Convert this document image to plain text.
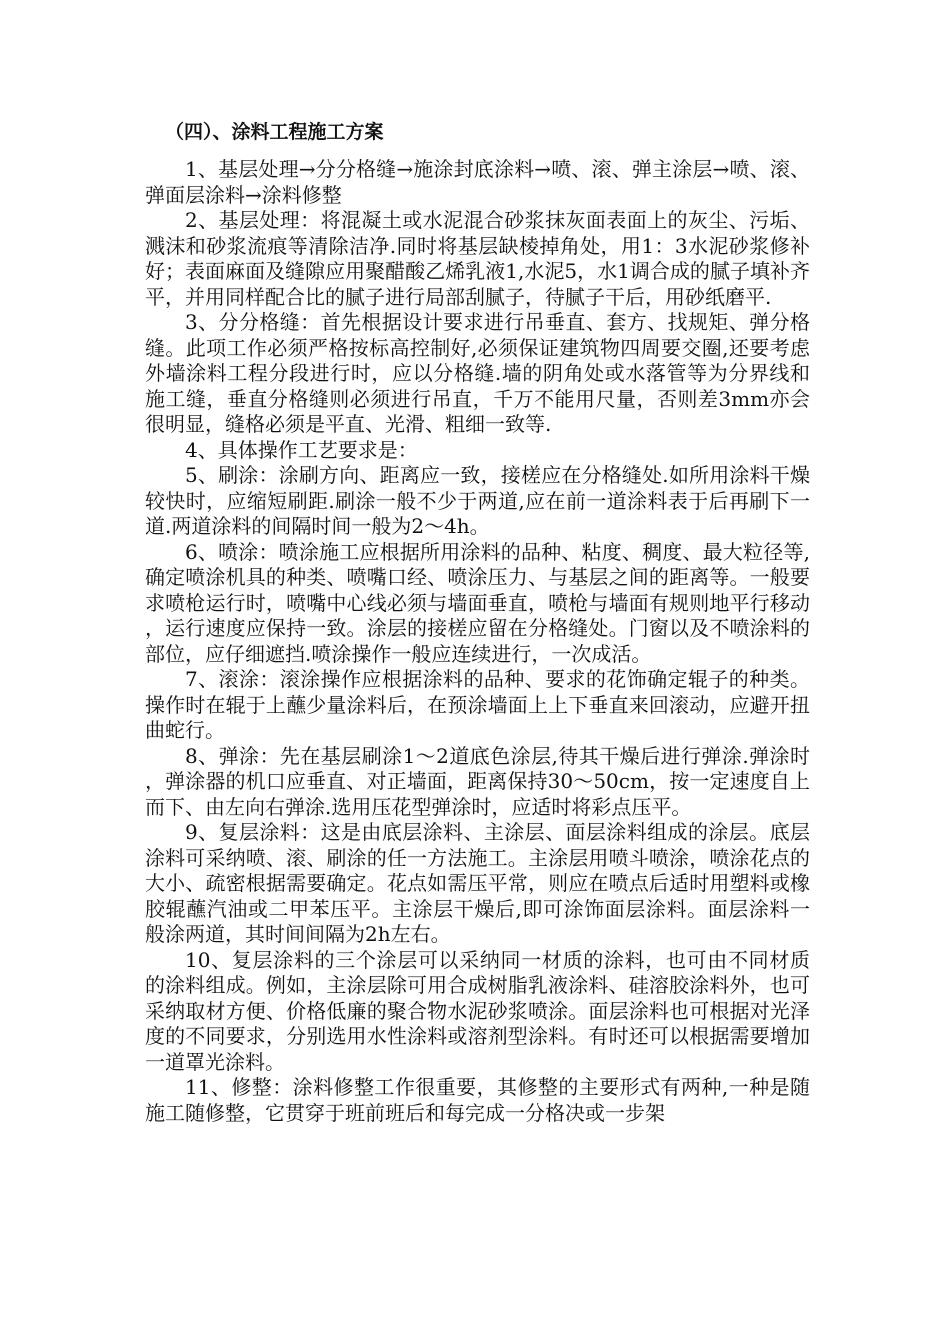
（四）、涂料工程施工方案

1、基层处理→分分格缝→施涂封底涂料→喷、滚、弹主涂层→喷、滚、弹面层涂料→涂料修整

2、基层处理：将混凝土或水泥混合砂浆抹灰面表面上的灰尘、污垢、溅沫和砂浆流痕等清除洁净.同时将基层缺棱掉角处，用1：3水泥砂浆修补好；表面麻面及缝隙应用聚醋酸乙烯乳液1,水泥5，水1调合成的腻子填补齐平，并用同样配合比的腻子进行局部刮腻子，待腻子干后，用砂纸磨平.

3、分分格缝：首先根据设计要求进行吊垂直、套方、找规矩、弹分格缝。此项工作必须严格按标高控制好,必须保证建筑物四周要交圈,还要考虑外墙涂料工程分段进行时，应以分格缝.墙的阴角处或水落管等为分界线和施工缝，垂直分格缝则必须进行吊直，千万不能用尺量，否则差3mm亦会很明显，缝格必须是平直、光滑、粗细一致等.

4、具体操作工艺要求是：

5、刷涂：涂刷方向、距离应一致，接槎应在分格缝处.如所用涂料干燥较快时，应缩短刷距.刷涂一般不少于两道,应在前一道涂料表于后再刷下一道.两道涂料的间隔时间一般为2～4h。

6、喷涂：喷涂施工应根据所用涂料的品种、粘度、稠度、最大粒径等,确定喷涂机具的种类、喷嘴口经、喷涂压力、与基层之间的距离等。一般要求喷枪运行时，喷嘴中心线必须与墙面垂直，喷枪与墙面有规则地平行移动，运行速度应保持一致。涂层的接槎应留在分格缝处。门窗以及不喷涂料的部位，应仔细遮挡.喷涂操作一般应连续进行，一次成活。

7、滚涂：滚涂操作应根据涂料的品种、要求的花饰确定辊子的种类。操作时在辊于上蘸少量涂料后，在预涂墙面上上下垂直来回滚动，应避开扭曲蛇行。

8、弹涂：先在基层刷涂1～2道底色涂层,待其干燥后进行弹涂.弹涂时，弹涂器的机口应垂直、对正墙面，距离保持30～50cm，按一定速度自上而下、由左向右弹涂.选用压花型弹涂时，应适时将彩点压平。

9、复层涂料：这是由底层涂料、主涂层、面层涂料组成的涂层。底层涂料可采纳喷、滚、刷涂的任一方法施工。主涂层用喷斗喷涂，喷涂花点的大小、疏密根据需要确定。花点如需压平常，则应在喷点后适时用塑料或橡胶辊蘸汽油或二甲苯压平。主涂层干燥后,即可涂饰面层涂料。面层涂料一般涂两道，其时间间隔为2h左右。

10、复层涂料的三个涂层可以采纳同一材质的涂料，也可由不同材质的涂料组成。例如，主涂层除可用合成树脂乳液涂料、硅溶胶涂料外，也可采纳取材方便、价格低廉的聚合物水泥砂浆喷涂。面层涂料也可根据对光泽度的不同要求，分别选用水性涂料或溶剂型涂料。有时还可以根据需要增加一道罩光涂料。

11、修整：涂料修整工作很重要，其修整的主要形式有两种,一种是随施工随修整，它贯穿于班前班后和每完成一分格决或一步架
